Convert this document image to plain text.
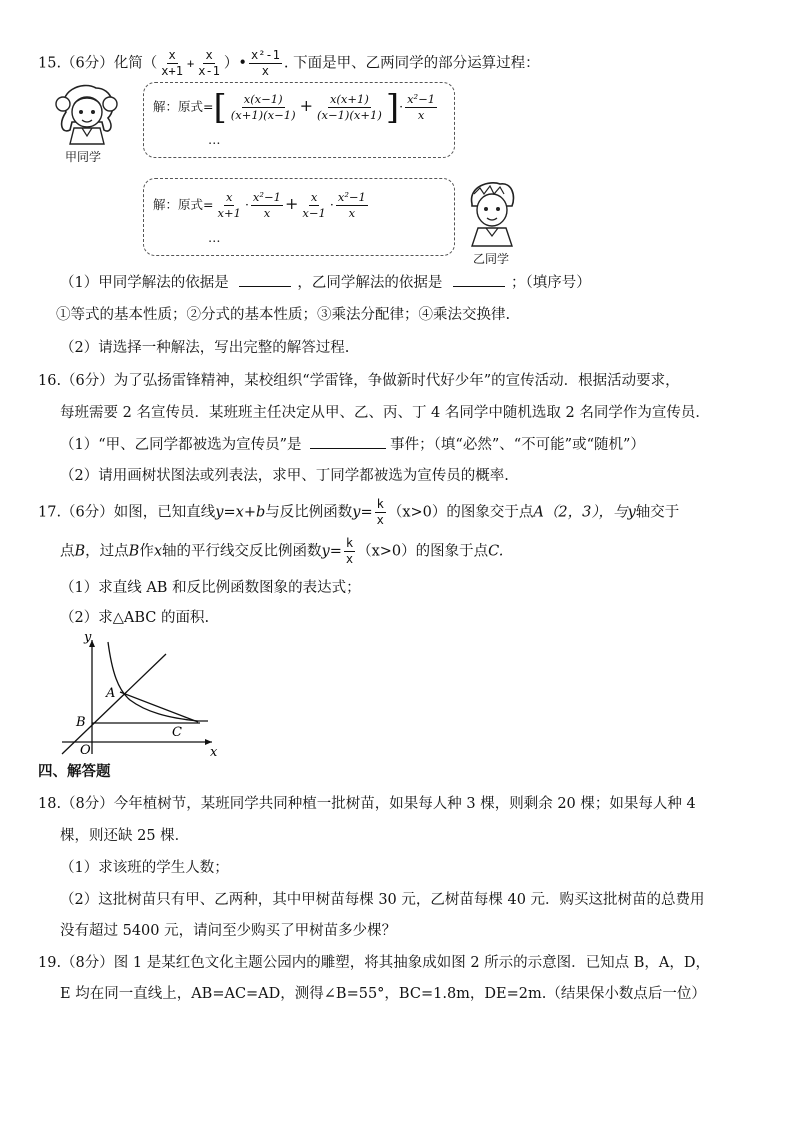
15.（6分）化简（ $\frac{x}{x+1} + \frac{x}{x-1}$ ）• $\frac{\text{x²-1}}{x}$ . 下面是甲、乙两同学的部分运算过程：
甲同学
解：原式=[ $\frac{x(x-1)}{(x+1)(x-1)} + \frac{x(x+1)}{(x-1)(x+1)}$ ]· $\frac{\text{x²−1}}{x}$
…
解：原式= $\frac{x}{x+1} \cdot \frac{\text{x²−1}}{x} + \frac{x}{x-1} \cdot \frac{\text{x²−1}}{x}$
…
乙同学
（1）甲同学解法的依据是	，乙同学解法的依据是	；（填序号）
①等式的基本性质；②分式的基本性质；③乘法分配律；④乘法交换律.
（2）请选择一种解法，写出完整的解答过程.
16.（6分）为了弘扬雷锋精神，某校组织“学雷锋，争做新时代好少年”的宣传活动．根据活动要求，
每班需要 2 名宣传员．某班班主任决定从甲、乙、丙、丁 4 名同学中随机选取 2 名同学作为宣传员．
（1）“甲、乙同学都被选为宣传员”是	事件；（填“必然”、“不可能”或“随机”）
（2）请用画树状图法或列表法，求甲、丁同学都被选为宣传员的概率.
17.（6分）如图，已知直线y=x+b与反比例函数$y= \frac{k}{x} (x>0)$的图象交于点A（2，3），与y轴交于
点B，过点B作x轴的平行线交反比例函数$y= \frac{k}{x} (x>0)$的图象于点C.
（1）求直线 AB 和反比例函数图象的表达式；
（2）求△ABC 的面积.
y
x
A
B
C
O
四、解答题
18.（8分）今年植树节，某班同学共同种植一批树苗，如果每人种 3 棵，则剩余 20 棵；如果每人种 4
棵，则还缺 25 棵．
（1）求该班的学生人数；
（2）这批树苗只有甲、乙两种，其中甲树苗每棵 30 元，乙树苗每棵 40 元．购买这批树苗的总费用
没有超过 5400 元，请问至少购买了甲树苗多少棵？
19.（8分）图 1 是某红色文化主题公园内的雕塑，将其抽象成如图 2 所示的示意图．已知点 B，A，D，
E 均在同一直线上，AB=AC=AD，测得∠B=55°，BC=1.8m，DE=2m.（结果保小数点后一位）
